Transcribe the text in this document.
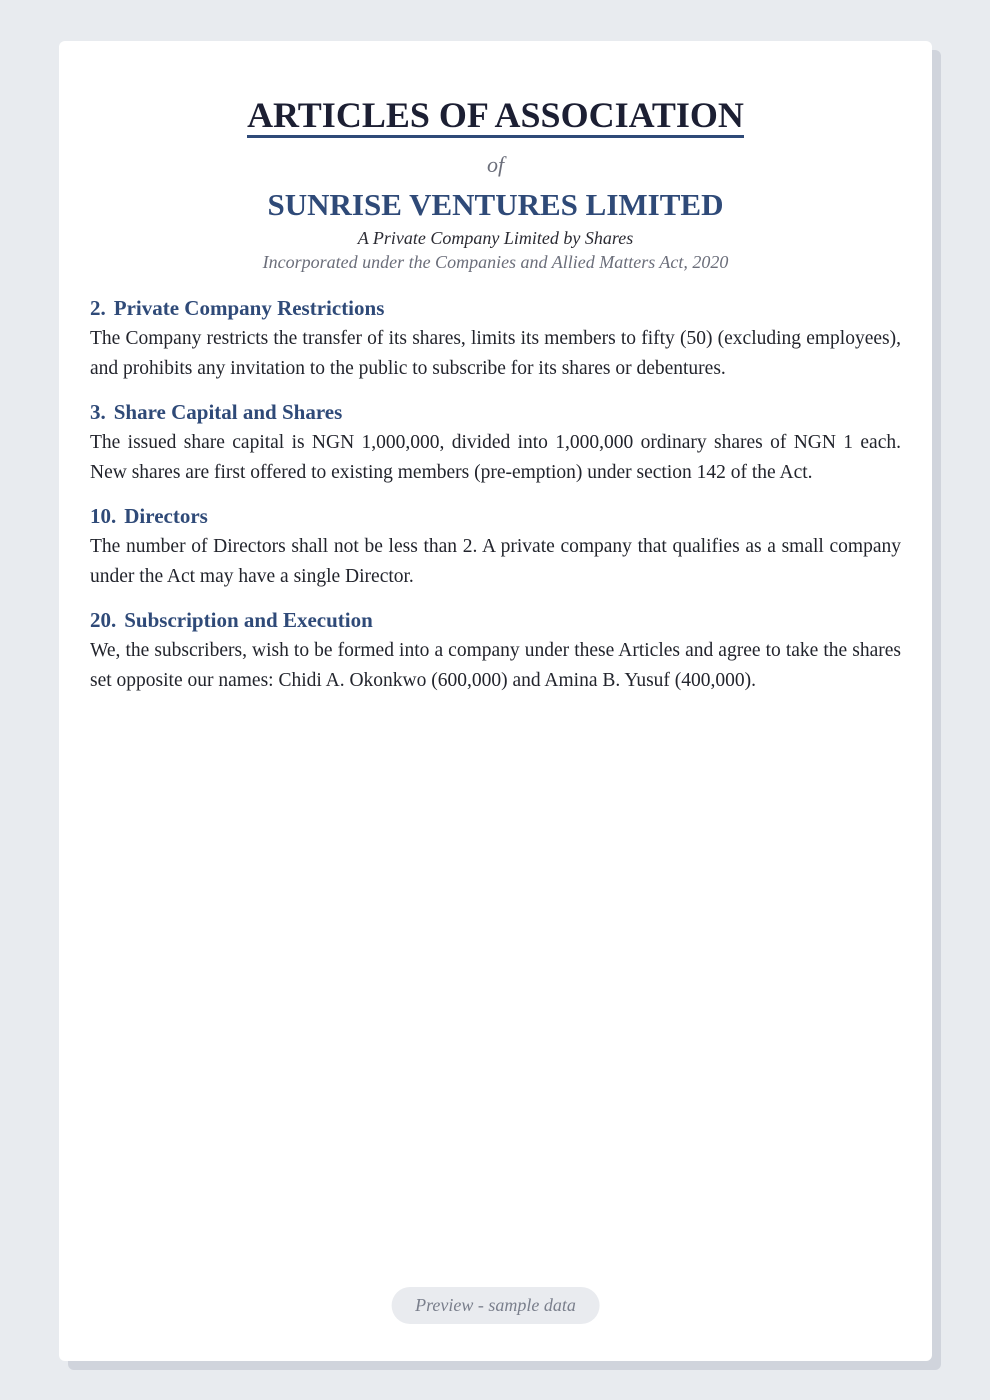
ARTICLES OF ASSOCIATION
of
SUNRISE VENTURES LIMITED
A Private Company Limited by Shares
Incorporated under the Companies and Allied Matters Act, 2020
2. Private Company Restrictions
The Company restricts the transfer of its shares, limits its members to fifty (50) (excluding employees), and prohibits any invitation to the public to subscribe for its shares or debentures.
3. Share Capital and Shares
The issued share capital is NGN 1,000,000, divided into 1,000,000 ordinary shares of NGN 1 each. New shares are first offered to existing members (pre-emption) under section 142 of the Act.
10. Directors
The number of Directors shall not be less than 2. A private company that qualifies as a small company under the Act may have a single Director.
20. Subscription and Execution
We, the subscribers, wish to be formed into a company under these Articles and agree to take the shares set opposite our names: Chidi A. Okonkwo (600,000) and Amina B. Yusuf (400,000).
Preview - sample data
